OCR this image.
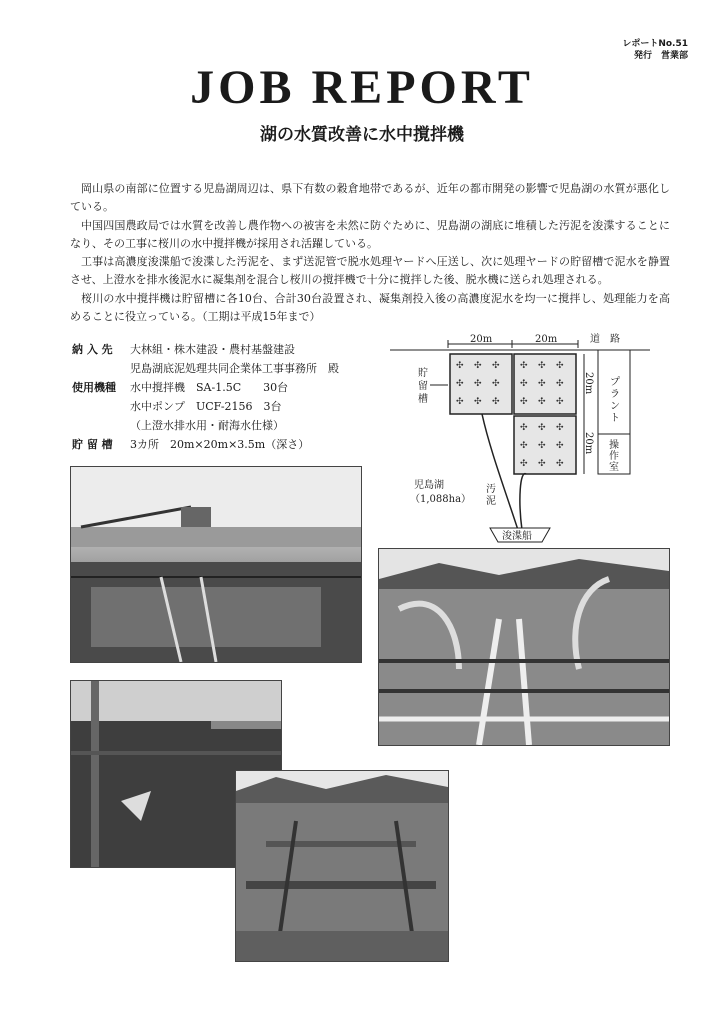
レポートNo.51
発行　営業部
JOB REPORT
湖の水質改善に水中撹拌機

岡山県の南部に位置する児島湖周辺は、県下有数の穀倉地帯であるが、近年の都市開発の影響で児島湖の水質が悪化している。

中国四国農政局では水質を改善し農作物への被害を未然に防ぐために、児島湖の湖底に堆積した汚泥を浚渫することになり、その工事に桜川の水中撹拌機が採用され活躍している。

工事は高濃度浚渫船で浚渫した汚泥を、まず送泥管で脱水処理ヤードへ圧送し、次に処理ヤードの貯留槽で泥水を静置させ、上澄水を排水後泥水に凝集剤を混合し桜川の撹拌機で十分に撹拌した後、脱水機に送られ処理される。

桜川の水中撹拌機は貯留槽に各10台、合計30台設置され、凝集剤投入後の高濃度泥水を均一に撹拌し、処理能力を高めることに役立っている。（工期は平成15年まで）

納 入 先	大林組・株木建設・農村基盤建設
児島湖底泥処理共同企業体工事事務所　殿
使用機種	水中撹拌機　SA-1.5C　　30台
水中ポンプ　UCF-2156　3台
（上澄水排水用・耐海水仕様）
貯 留 槽	3カ所　20m×20m×3.5m（深さ）
20m	20m	道　路
✣ ✣ ✣
✣ ✣ ✣
✣ ✣ ✣
✣ ✣ ✣
✣ ✣ ✣
✣ ✣ ✣
✣ ✣ ✣
✣ ✣ ✣
✣ ✣ ✣
20m
20m
貯留槽
プラント
操作室
汚泥
浚渫船
児島湖
（1,088ha）
